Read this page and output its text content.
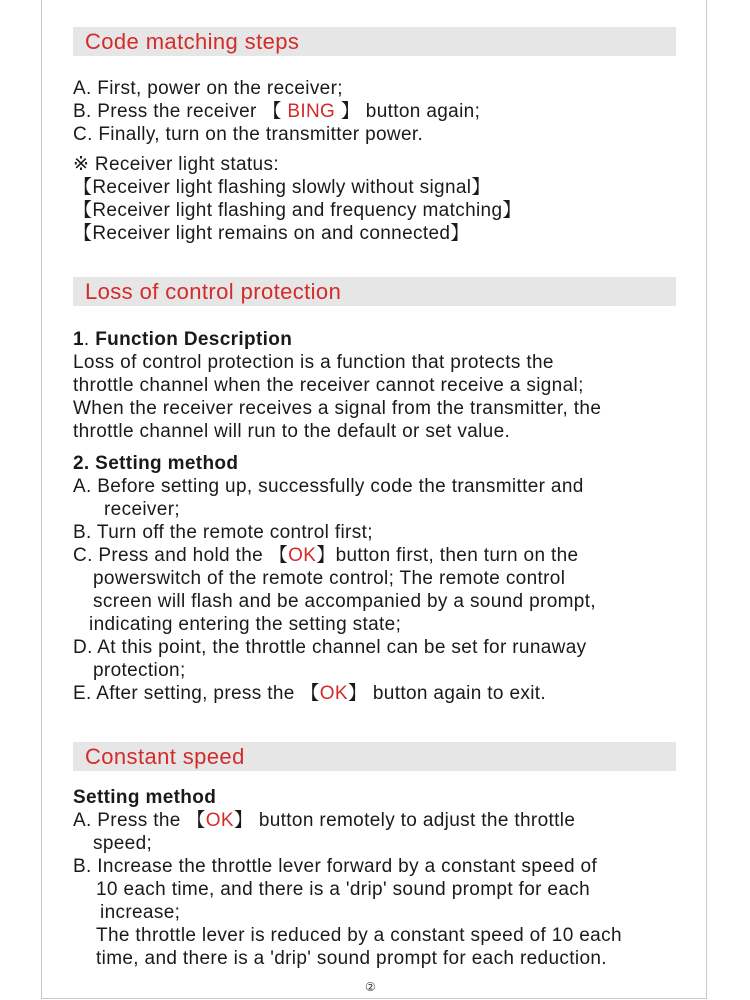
Code matching steps
A. First, power on the receiver;
B. Press the receiver 【 BING 】 button again;
C. Finally, turn on the transmitter power.
※ Receiver light status:
【Receiver light flashing slowly without signal】
【Receiver light flashing and frequency matching】
【Receiver light remains on and connected】
Loss of control protection
1. Function Description
Loss of control protection is a function that protects the
throttle channel when the receiver cannot receive a signal;
When the receiver receives a signal from the transmitter, the
throttle channel will run to the default or set value.
2. Setting method
A. Before setting up, successfully code the transmitter and
receiver;
B. Turn off the remote control first;
C. Press and hold the 【OK】button first, then turn on the
powerswitch of the remote control; The remote control
screen will flash and be accompanied by a sound prompt,
indicating entering the setting state;
D. At this point, the throttle channel can be set for runaway
protection;
E. After setting, press the 【OK】 button again to exit.
Constant speed
Setting method
A. Press the 【OK】 button remotely to adjust the throttle
speed;
B. Increase the throttle lever forward by a constant speed of
10 each time, and there is a 'drip' sound prompt for each
increase;
The throttle lever is reduced by a constant speed of 10 each
time, and there is a 'drip' sound prompt for each reduction.
②
